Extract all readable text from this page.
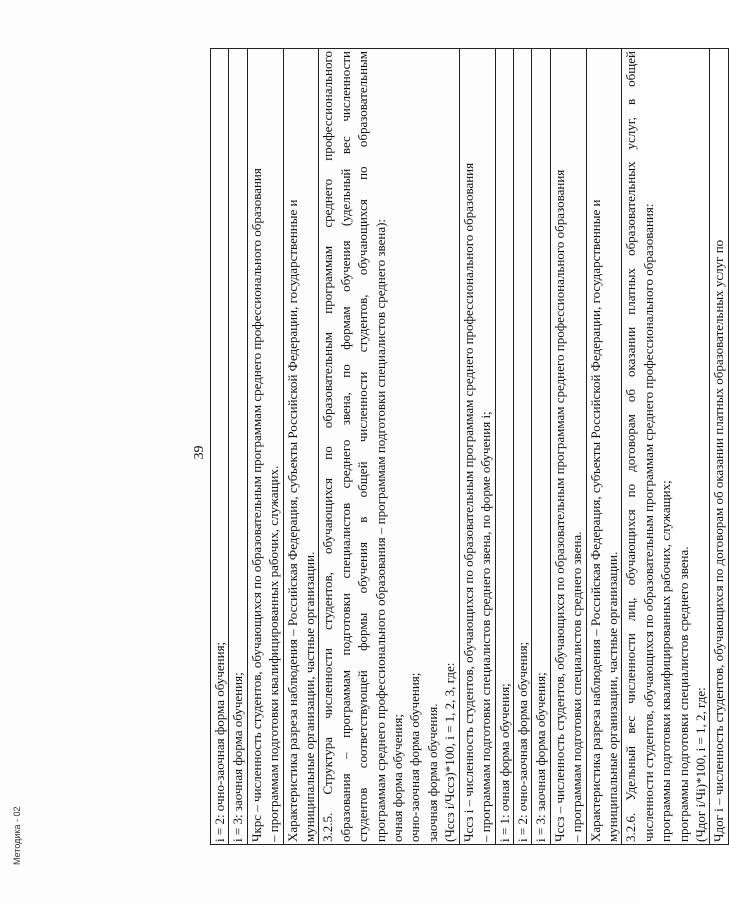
39
i = 2: очно-заочная форма обучения; i = 3: заочная форма обучения; Чкрс – численность студентов, обучающихся по образовательным программам среднего профессионального образования – программам подготовки квалифицированных рабочих, служащих. Характеристика разреза наблюдения – Российская Федерация, субъекты Российской Федерации, государственные и муниципальные организации, частные организации. 3.2.5. Структура численности студентов, обучающихся по образовательным программам среднего профессионального образования – программам подготовки специалистов среднего звена, по формам обучения (удельный вес численности студентов соответствующей формы обучения в общей численности студентов, обучающихся по образовательным программам среднего профессионального образования – программам подготовки специалистов среднего звена): очная форма обучения; очно-заочная форма обучения; заочная форма обучения. (Чсcз i/Чссз)*100, i = 1, 2, 3, где: Чссз i – численность студентов, обучающихся по образовательным программам среднего профессионального образования – программам подготовки специалистов среднего звена, по форме обучения i; i = 1: очная форма обучения; i = 2: очно-заочная форма обучения; i = 3: заочная форма обучения; Чссз – численность студентов, обучающихся по образовательным программам среднего профессионального образования – программам подготовки специалистов среднего звена. Характеристика разреза наблюдения – Российская Федерация, субъекты Российской Федерации, государственные и муниципальные организации, частные организации. 3.2.6. Удельный вес численности лиц, обучающихся по договорам об оказании платных образовательных услуг, в общей численности студентов, обучающихся по образовательным программам среднего профессионального образования: программы подготовки квалифицированных рабочих, служащих; программы подготовки специалистов среднего звена. (Чдог i/Чi)*100, i = 1, 2, где: Чдог i – численность студентов, обучающихся по договорам об оказании платных образовательных услуг по
Методика - 02
